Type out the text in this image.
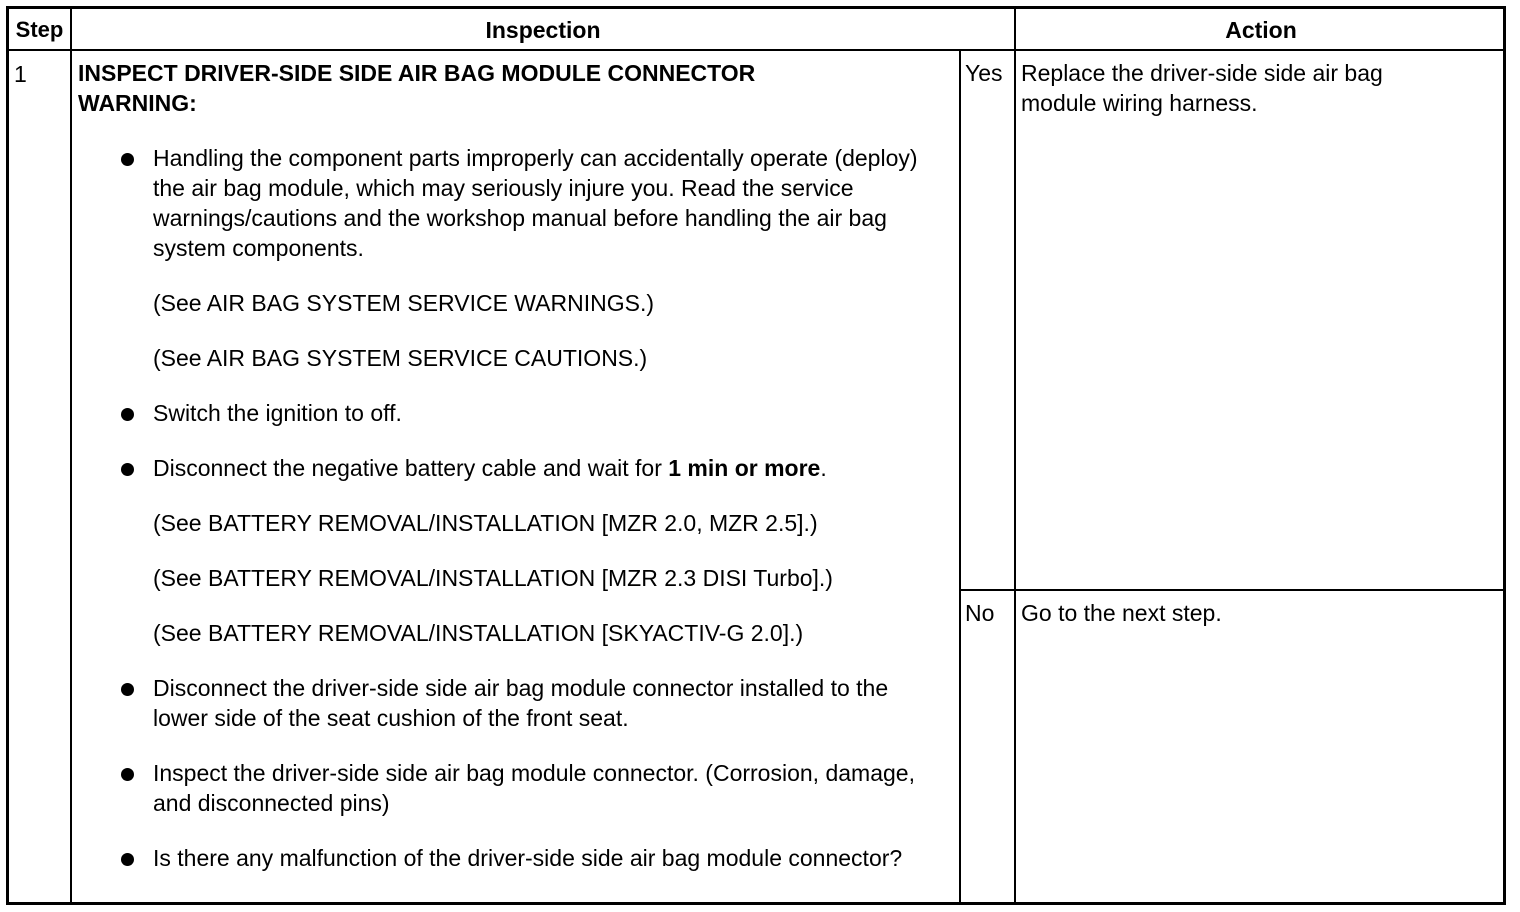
Step	Inspection	Action
1 INSPECT DRIVER-SIDE SIDE AIR BAG MODULE CONNECTOR

WARNING:

Handling the component parts improperly can accidentally operate (deploy) the air bag module, which may seriously injure you. Read the service warnings/cautions and the workshop manual before handling the air bag system components.

(See AIR BAG SYSTEM SERVICE WARNINGS.)

(See AIR BAG SYSTEM SERVICE CAUTIONS.)

Switch the ignition to off.
Disconnect the negative battery cable and wait for 1 min or more.

(See BATTERY REMOVAL/INSTALLATION [MZR 2.0, MZR 2.5].)

(See BATTERY REMOVAL/INSTALLATION [MZR 2.3 DISI Turbo].)

(See BATTERY REMOVAL/INSTALLATION [SKYACTIV-G 2.0].)

Disconnect the driver-side side air bag module connector installed to the lower side of the seat cushion of the front seat.
Inspect the driver-side side air bag module connector. (Corrosion, damage, and disconnected pins)
Is there any malfunction of the driver-side side air bag module connector?
Yes Replace the driver-side side air bag module wiring harness.
No Go to the next step.
